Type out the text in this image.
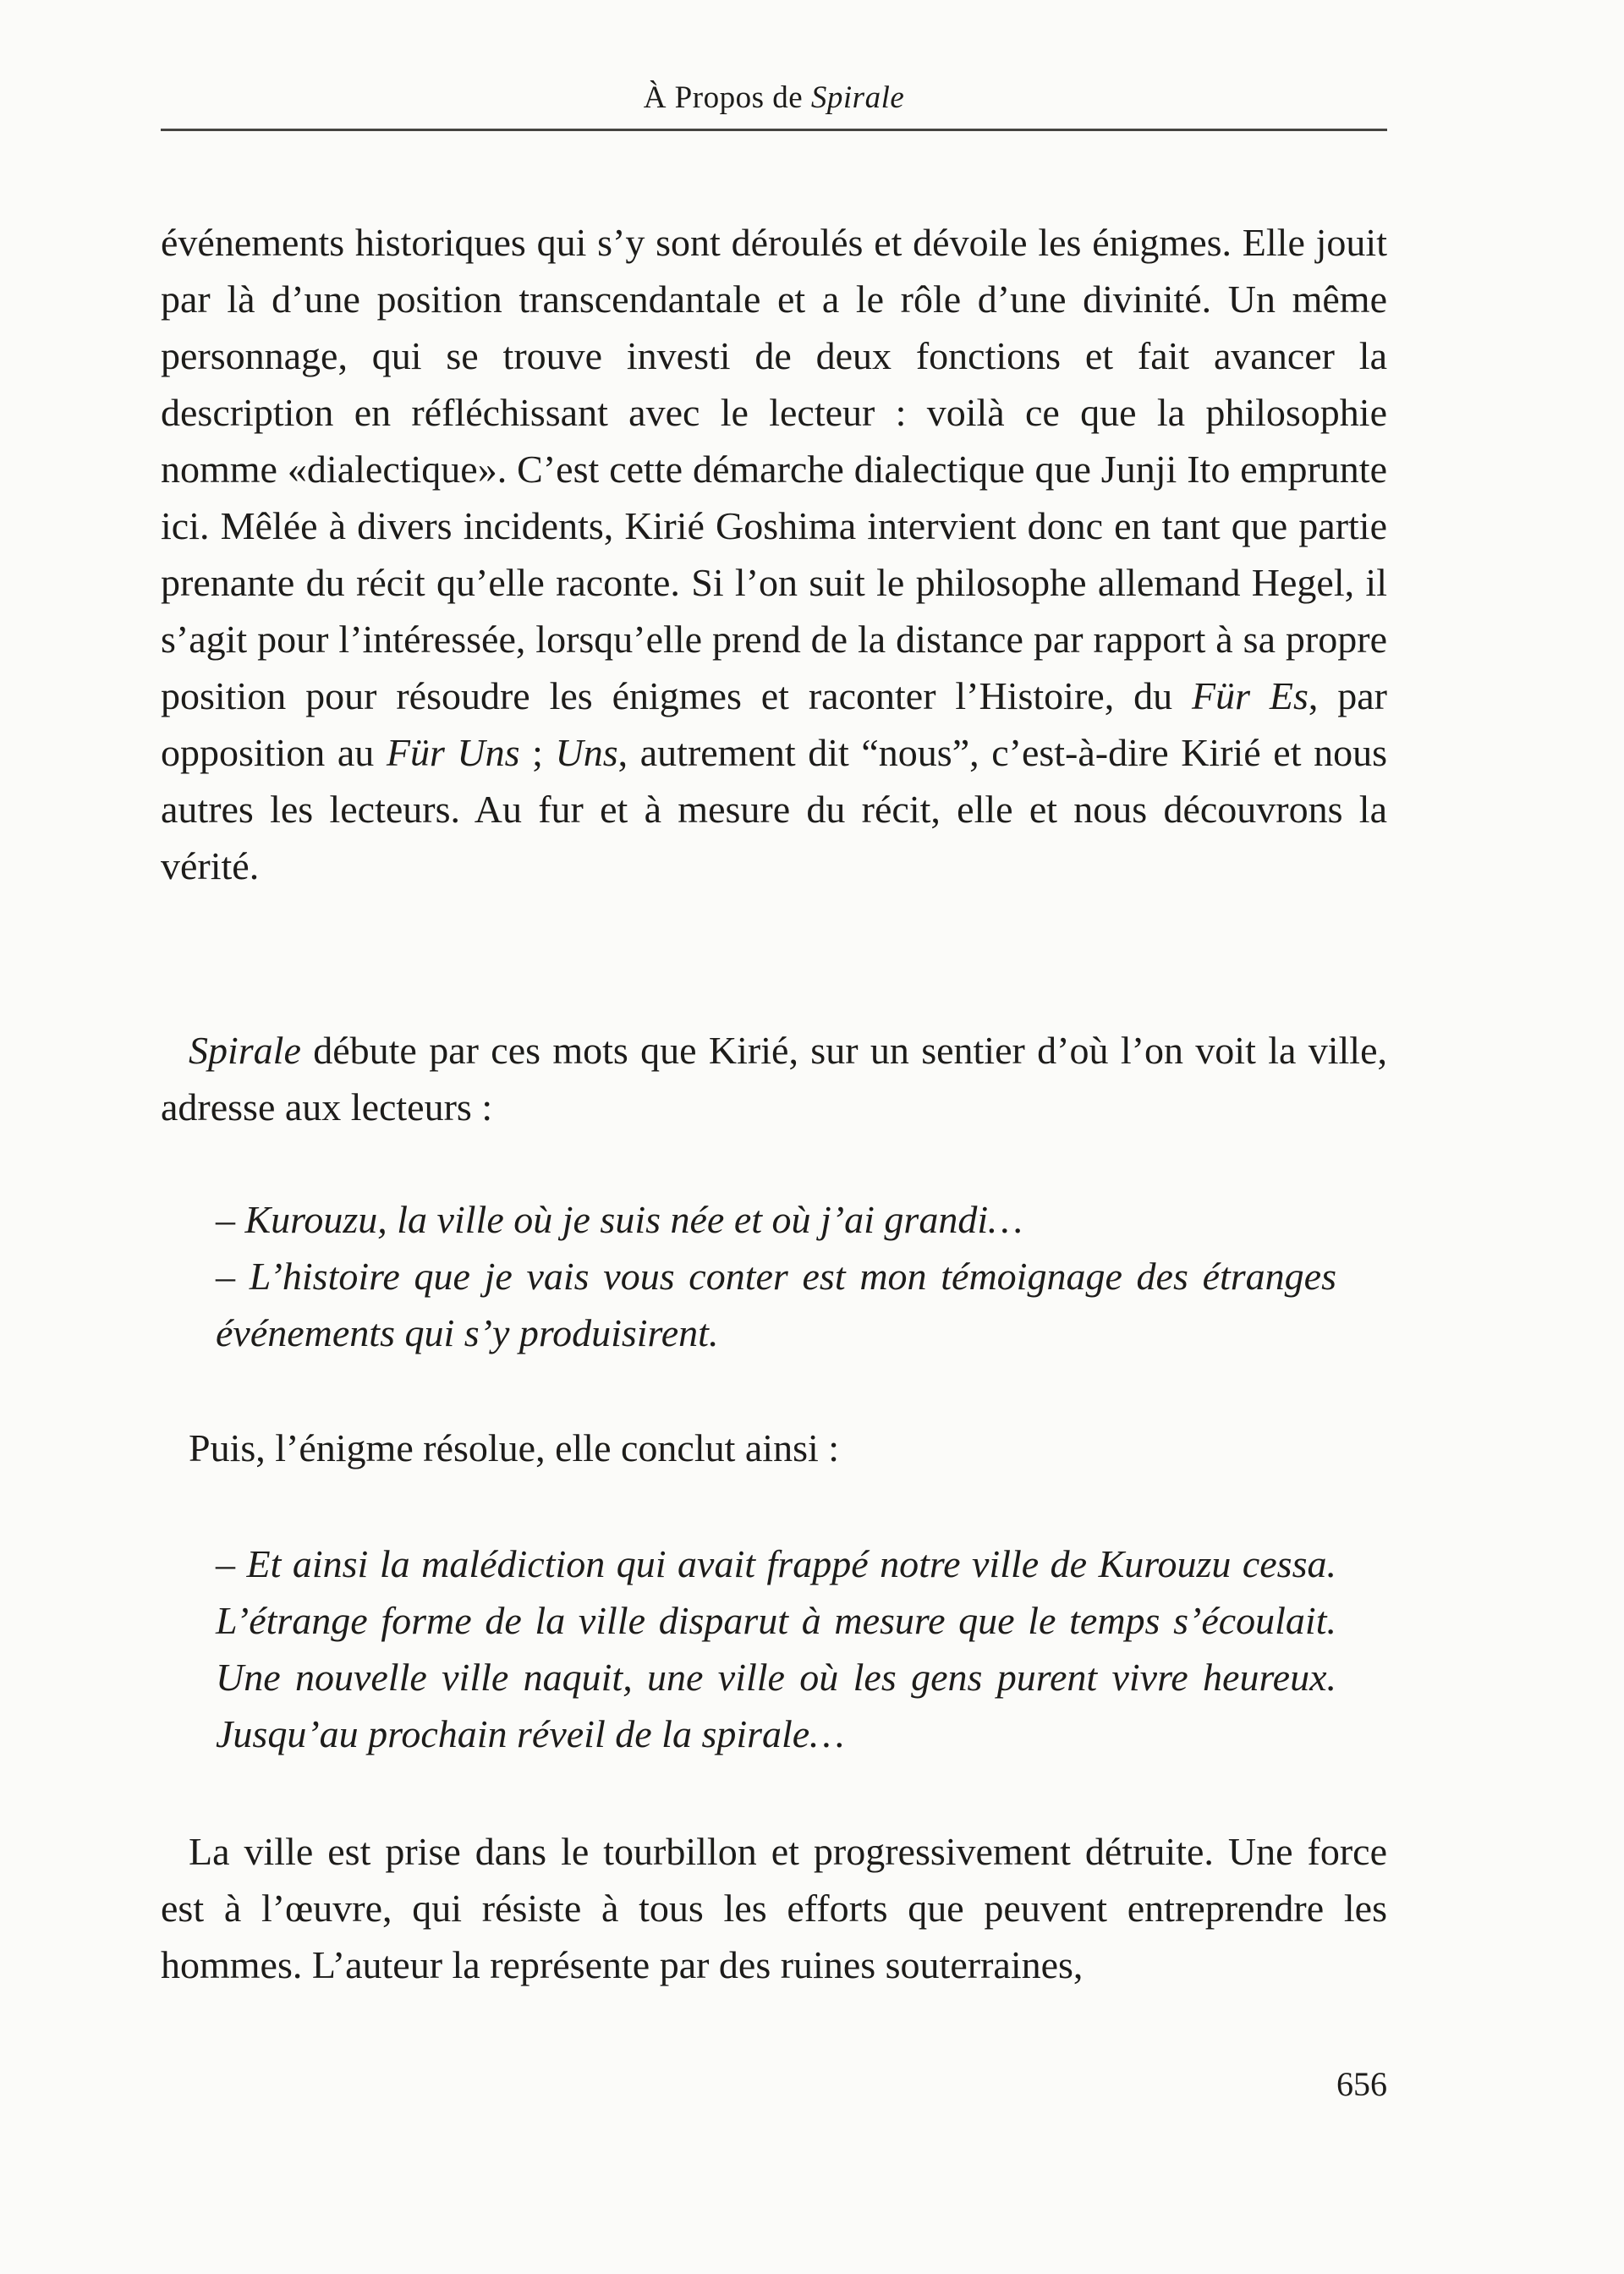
À Propos de Spirale

événements historiques qui s’y sont déroulés et dévoile les énigmes. Elle jouit par là d’une position transcendantale et a le rôle d’une divinité. Un même personnage, qui se trouve investi de deux fonctions et fait avancer la description en réfléchissant avec le lecteur : voilà ce que la philosophie nomme «dialectique». C’est cette démarche dialectique que Junji Ito emprunte ici. Mêlée à divers incidents, Kirié Goshima intervient donc en tant que partie prenante du récit qu’elle raconte. Si l’on suit le philosophe allemand Hegel, il s’agit pour l’intéressée, lorsqu’elle prend de la distance par rapport à sa propre position pour résoudre les énigmes et raconter l’Histoire, du Für Es, par opposition au Für Uns ; Uns, autrement dit “nous”, c’est-à-dire Kirié et nous autres les lecteurs. Au fur et à mesure du récit, elle et nous découvrons la vérité.

Spirale débute par ces mots que Kirié, sur un sentier d’où l’on voit la ville, adresse aux lecteurs :

– Kurouzu, la ville où je suis née et où j’ai grandi…

– L’histoire que je vais vous conter est mon témoignage des étranges événements qui s’y produisirent.

Puis, l’énigme résolue, elle conclut ainsi :

– Et ainsi la malédiction qui avait frappé notre ville de Kurouzu cessa. L’étrange forme de la ville disparut à mesure que le temps s’écoulait. Une nouvelle ville naquit, une ville où les gens purent vivre heureux. Jusqu’au prochain réveil de la spirale…

La ville est prise dans le tourbillon et progressivement détruite. Une force est à l’œuvre, qui résiste à tous les efforts que peuvent entreprendre les hommes. L’auteur la représente par des ruines souterraines,

656
